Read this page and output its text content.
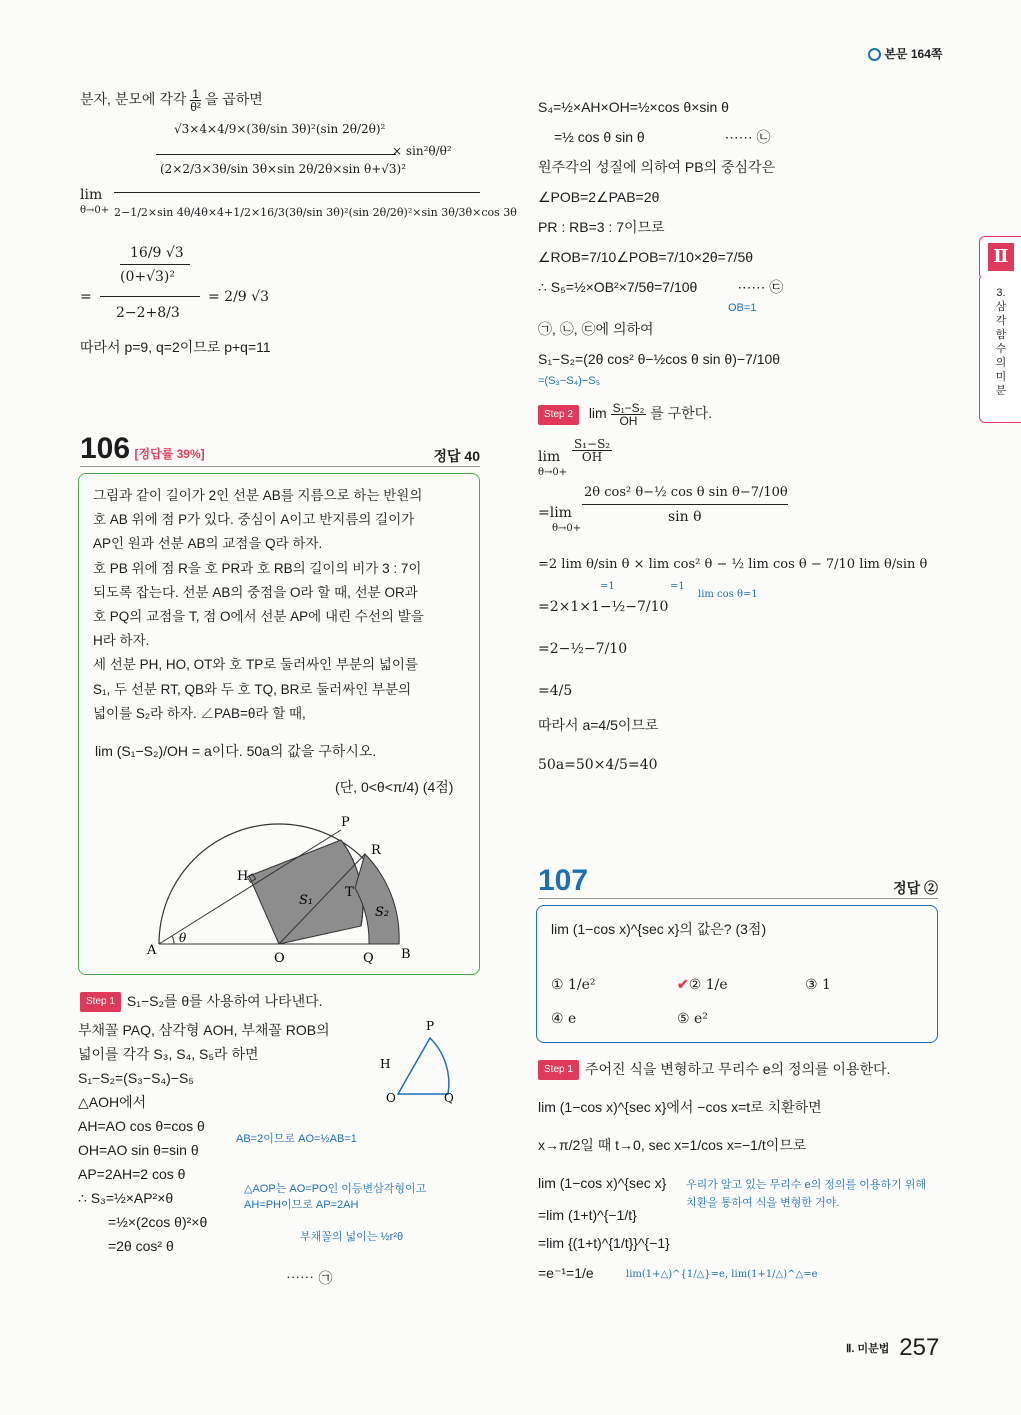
본문 164쪽
Ⅱ
3. 삼각함수의 미분
분자, 분모에 각각 $\frac{1}{\text{θ²}}$ 을 곱하면
lim
θ→0+
√3×4×4/9×(3θ/sin 3θ)²(sin 2θ/2θ)²
(2×2/3×3θ/sin 3θ×sin 2θ/2θ×sin θ+√3)²
× sin²θ/θ²
2−1/2×sin 4θ/4θ×4+1/2×16/3(3θ/sin 3θ)²(sin 2θ/2θ)²×sin 3θ/3θ×cos 3θ
16/9 √3
(0+√3)²
=
2−2+8/3
= 2/9 √3
따라서 p=9, q=2이므로 p+q=11
106 [정답률 39%]	정답 40
그림과 같이 길이가 2인 선분 AB를 지름으로 하는 반원의
호 AB 위에 점 P가 있다. 중심이 A이고 반지름의 길이가
AP인 원과 선분 AB의 교점을 Q라 하자.
호 PB 위에 점 R을 호 PR과 호 RB의 길이의 비가 3 : 7이
되도록 잡는다. 선분 AB의 중점을 O라 할 때, 선분 OR과
호 PQ의 교점을 T, 점 O에서 선분 AP에 내린 수선의 발을
H라 하자.
세 선분 PH, HO, OT와 호 TP로 둘러싸인 부분의 넓이를
S₁, 두 선분 RT, QB와 두 호 TQ, BR로 둘러싸인 부분의
넓이를 S₂라 하자. ∠PAB=θ라 할 때,
lim (S₁−S₂)/OH = a이다. 50a의 값을 구하시오.
(단, 0<θ<π/4) (4점)
P
R
H
S₁
T
S₂
A
θ
O	Q B
Step 1 S₁−S₂를 θ를 사용하여 나타낸다.
부채꼴 PAQ, 삼각형 AOH, 부채꼴 ROB의
넓이를 각각 S₃, S₄, S₅라 하면
S₁−S₂=(S₃−S₄)−S₅
△AOH에서
AH=AO cos θ=cos θ
OH=AO sin θ=sin θ
AP=2AH=2 cos θ
∴ S₃=½×AP²×θ
=½×(2cos θ)²×θ
=2θ cos² θ
AB=2이므로 AO=½AB=1
△AOP는 AO=PO인 이등변삼각형이고
AH=PH이므로 AP=2AH
부채꼴의 넓이는 ½r²θ
⋯⋯ ㉠
P
H
O	Q
S₄=½×AH×OH=½×cos θ×sin θ
=½ cos θ sin θ	⋯⋯ ㉡
원주각의 성질에 의하여 PB의 중심각은
∠POB=2∠PAB=2θ
PR : RB=3 : 7이므로
∠ROB=7/10∠POB=7/10×2θ=7/5θ
∴ S₅=½×OB²×7/5θ=7/10θ	⋯⋯ ㉢
OB=1
㉠, ㉡, ㉢에 의하여
S₁−S₂=(2θ cos² θ−½cos θ sin θ)−7/10θ
=(S₃−S₄)−S₅
Step 2 $\lim \frac{\text{S₁−S₂}}{OH}$ 를 구한다.
lim
θ→0+
$\frac{\text{S₁−S₂}}{OH}$
=lim
θ→0+
2θ cos² θ−½ cos θ sin θ−7/10θ
sin θ
=2 lim θ/sin θ × lim cos² θ − ½ lim cos θ − 7/10 lim θ/sin θ
=1	=1
lim cos θ=1
=2×1×1−½−7/10
=2−½−7/10
=4/5
따라서 a=4/5이므로
50a=50×4/5=40
107	정답 ②
lim (1−cos x)^{sec x}의 값은? (3점)
① 1/e²	✔② 1/e	③ 1
④ e	⑤ e²
Step 1 주어진 식을 변형하고 무리수 e의 정의를 이용한다.
lim (1−cos x)^{sec x}에서 −cos x=t로 치환하면
x→π/2일 때 t→0, sec x=1/cos x=−1/t이므로
lim (1−cos x)^{sec x}
=lim (1+t)^{−1/t}
=lim {(1+t)^{1/t}}^{−1}
=e⁻¹=1/e
우리가 알고 있는 무리수 e의 정의를 이용하기 위해
치환을 통하여 식을 변형한 거야.
lim(1+△)^{1/△}=e, lim(1+1/△)^△=e
Ⅱ. 미분법 257
